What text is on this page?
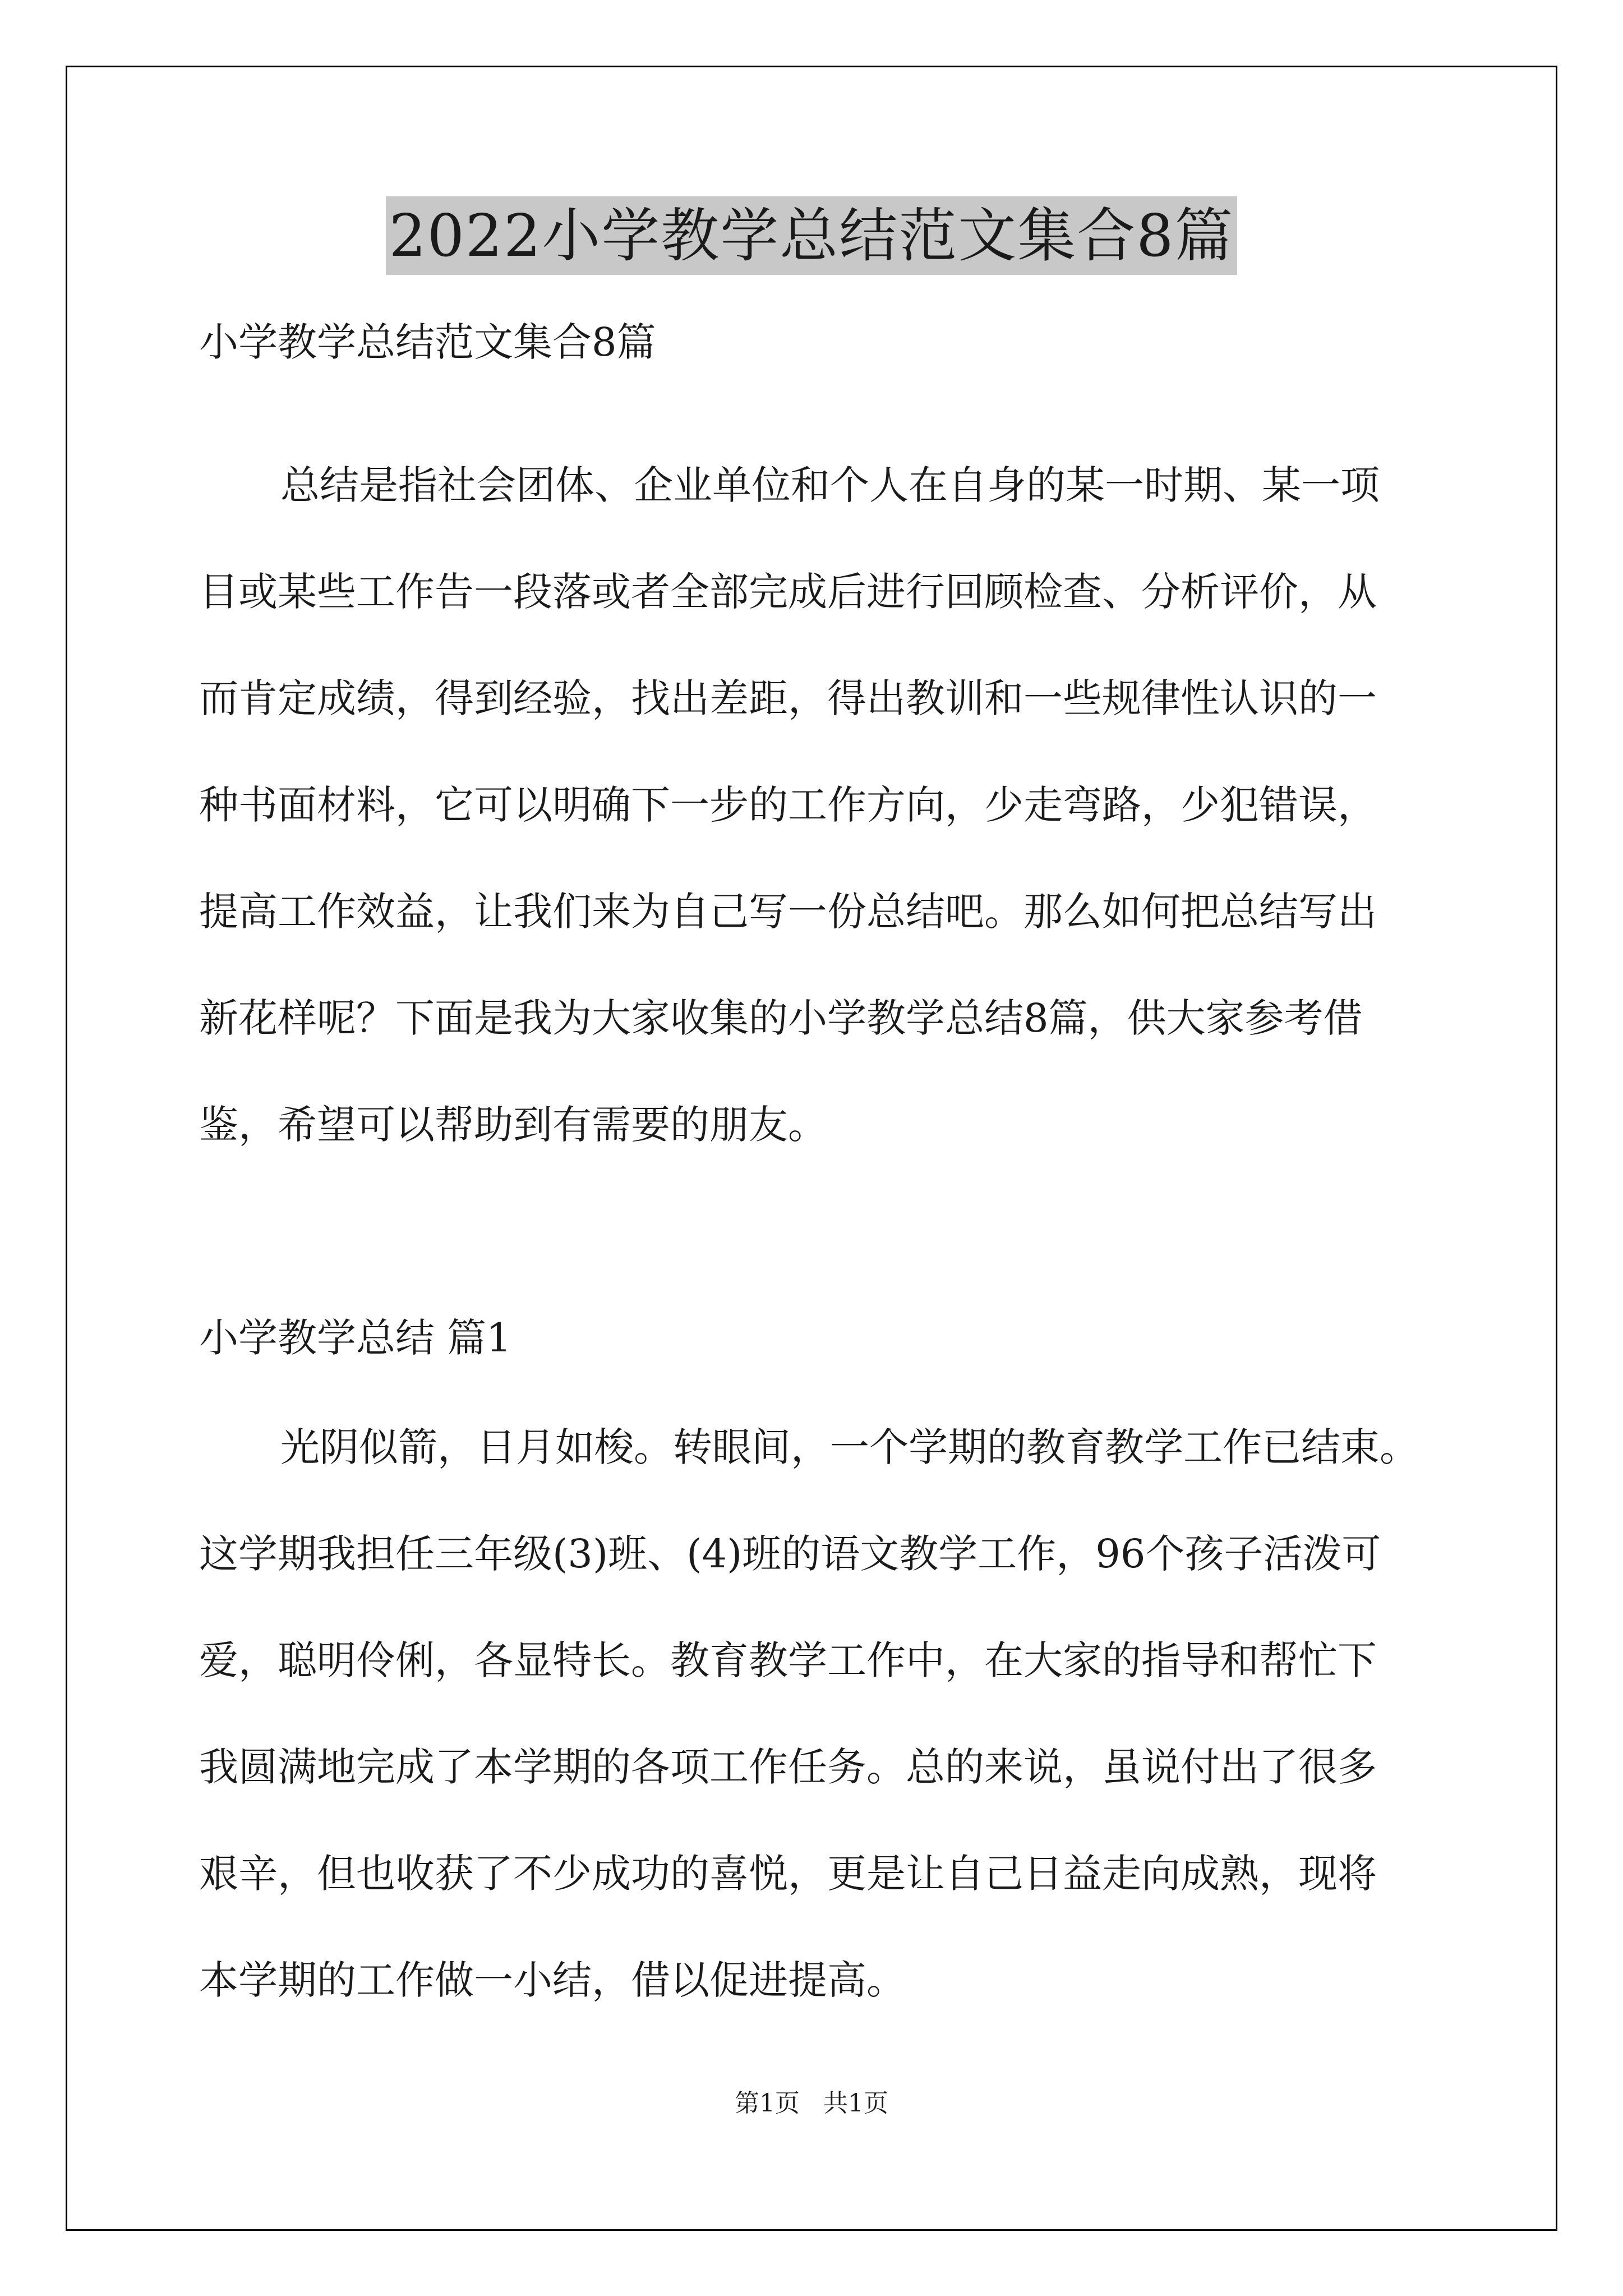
2022小学教学总结范文集合8篇
小学教学总结范文集合8篇
总结是指社会团体、企业单位和个人在自身的某一时期、某一项
目或某些工作告一段落或者全部完成后进行回顾检查、分析评价，从
而肯定成绩，得到经验，找出差距，得出教训和一些规律性认识的一
种书面材料，它可以明确下一步的工作方向，少走弯路，少犯错误，
提高工作效益，让我们来为自己写一份总结吧。那么如何把总结写出
新花样呢？下面是我为大家收集的小学教学总结8篇，供大家参考借
鉴，希望可以帮助到有需要的朋友。
小学教学总结 篇1
光阴似箭，日月如梭。转眼间，一个学期的教育教学工作已结束。
这学期我担任三年级(3)班、(4)班的语文教学工作，96个孩子活泼可
爱，聪明伶俐，各显特长。教育教学工作中，在大家的指导和帮忙下
我圆满地完成了本学期的各项工作任务。总的来说，虽说付出了很多
艰辛，但也收获了不少成功的喜悦，更是让自己日益走向成熟，现将
本学期的工作做一小结，借以促进提高。
第1页   共1页
